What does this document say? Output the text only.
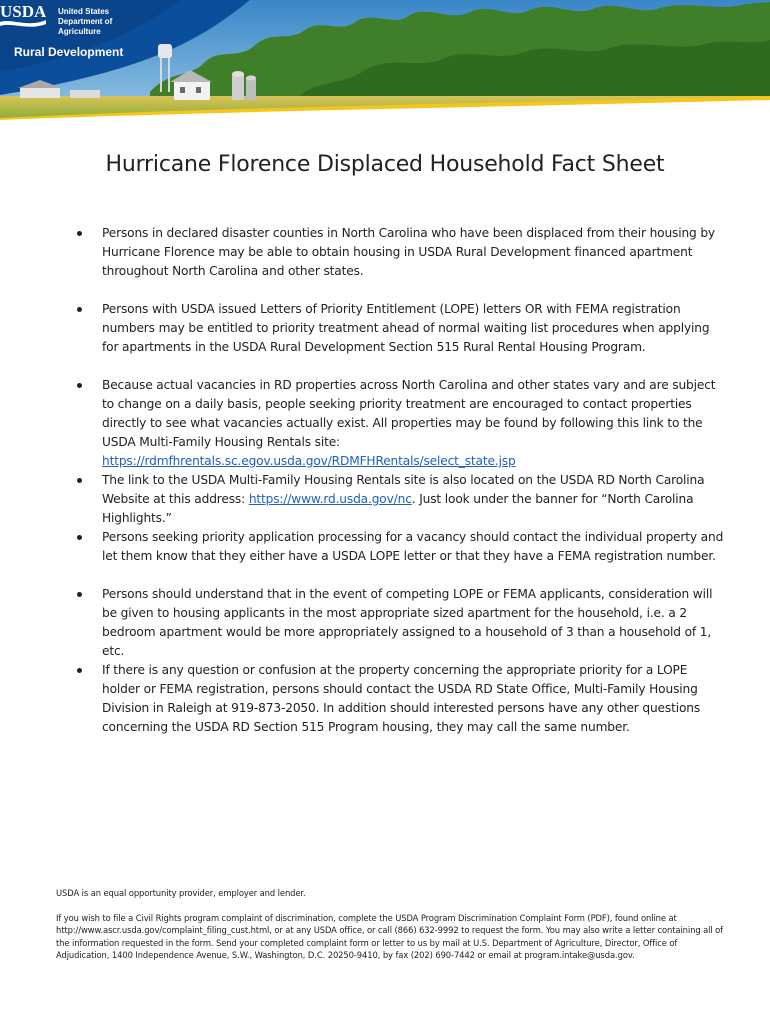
USDA United States
Department of
Agriculture
Rural Development
Hurricane Florence Displaced Household Fact Sheet
Persons in declared disaster counties in North Carolina who have been displaced from their housing by Hurricane Florence may be able to obtain housing in USDA Rural Development financed apartment throughout North Carolina and other states.
Persons with USDA issued Letters of Priority Entitlement (LOPE) letters OR with FEMA registration numbers may be entitled to priority treatment ahead of normal waiting list procedures when applying for apartments in the USDA Rural Development Section 515 Rural Rental Housing Program.
Because actual vacancies in RD properties across North Carolina and other states vary and are subject to change on a daily basis, people seeking priority treatment are encouraged to contact properties directly to see what vacancies actually exist. All properties may be found by following this link to the USDA Multi-Family Housing Rentals site:  https://rdmfhrentals.sc.egov.usda.gov/RDMFHRentals/select_state.jsp
The link to the USDA Multi-Family Housing Rentals site is also located on the USDA RD North Carolina Website at this address: https://www.rd.usda.gov/nc. Just look under the banner for “North Carolina Highlights.”
Persons seeking priority application processing for a vacancy should contact the individual property and let them know that they either have a USDA LOPE letter or that they have a FEMA registration number.
Persons should understand that in the event of competing LOPE or FEMA applicants, consideration will be given to housing applicants in the most appropriate sized apartment for the household, i.e. a 2 bedroom apartment would be more appropriately assigned to a household of 3 than a household of 1, etc.
If there is any question or confusion at the property concerning the appropriate priority for a LOPE holder or FEMA registration, persons should contact the USDA RD State Office, Multi-Family Housing Division in Raleigh at 919-873-2050. In addition should interested persons have any other questions concerning the USDA RD Section 515 Program housing, they may call the same number.

USDA is an equal opportunity provider, employer and lender.

If you wish to file a Civil Rights program complaint of discrimination, complete the USDA Program Discrimination Complaint Form (PDF), found online at http://www.ascr.usda.gov/complaint_filing_cust.html, or at any USDA office, or call (866) 632-9992 to request the form. You may also write a letter containing all of the information requested in the form. Send your completed complaint form or letter to us by mail at U.S. Department of Agriculture, Director, Office of Adjudication, 1400 Independence Avenue, S.W., Washington, D.C. 20250-9410, by fax (202) 690-7442 or email at program.intake@usda.gov.
